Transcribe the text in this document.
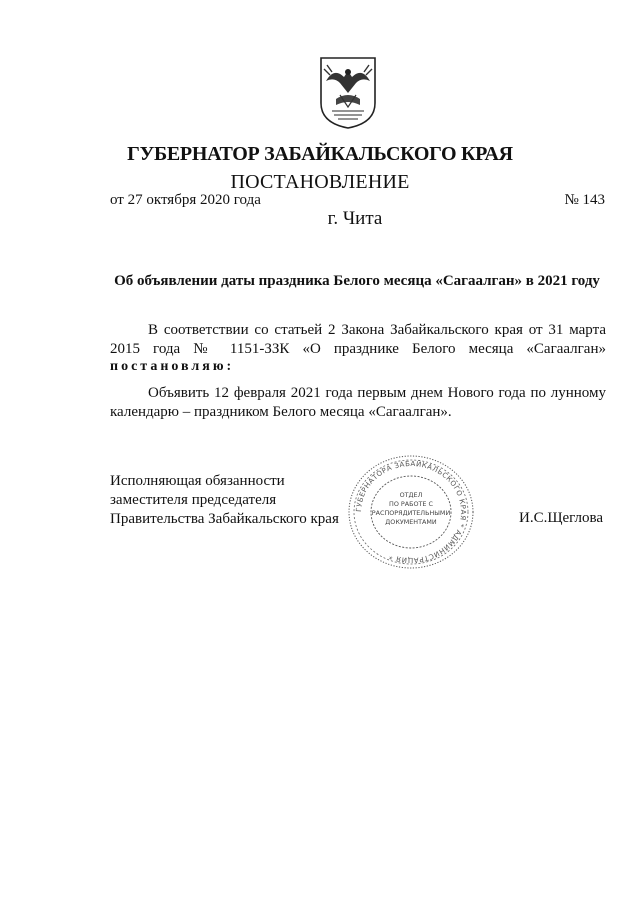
ГУБЕРНАТОР ЗАБАЙКАЛЬСКОГО КРАЯ
ПОСТАНОВЛЕНИЕ
от 27 октября 2020 года	№ 143
г. Чита
Об объявлении даты праздника Белого месяца «Сагаалган» в 2021 году
В соответствии со статьей 2 Закона Забайкальского края от 31 марта 2015 года № 1151-ЗЗК «О празднике Белого месяца «Сагаалган»
постановляю:
Объявить 12 февраля 2021 года первым днем Нового года по лунному календарю – праздником Белого месяца «Сагаалган».
Исполняющая обязанности
заместителя председателя
Правительства Забайкальского края	И.С.Щеглова
ГУБЕРНАТОРА ЗАБАЙКАЛЬСКОГО КРАЯ * АДМИНИСТРАЦИЯ *
ОТДЕЛ
ПО РАБОТЕ С
РАСПОРЯДИТЕЛЬНЫМИ
ДОКУМЕНТАМИ
